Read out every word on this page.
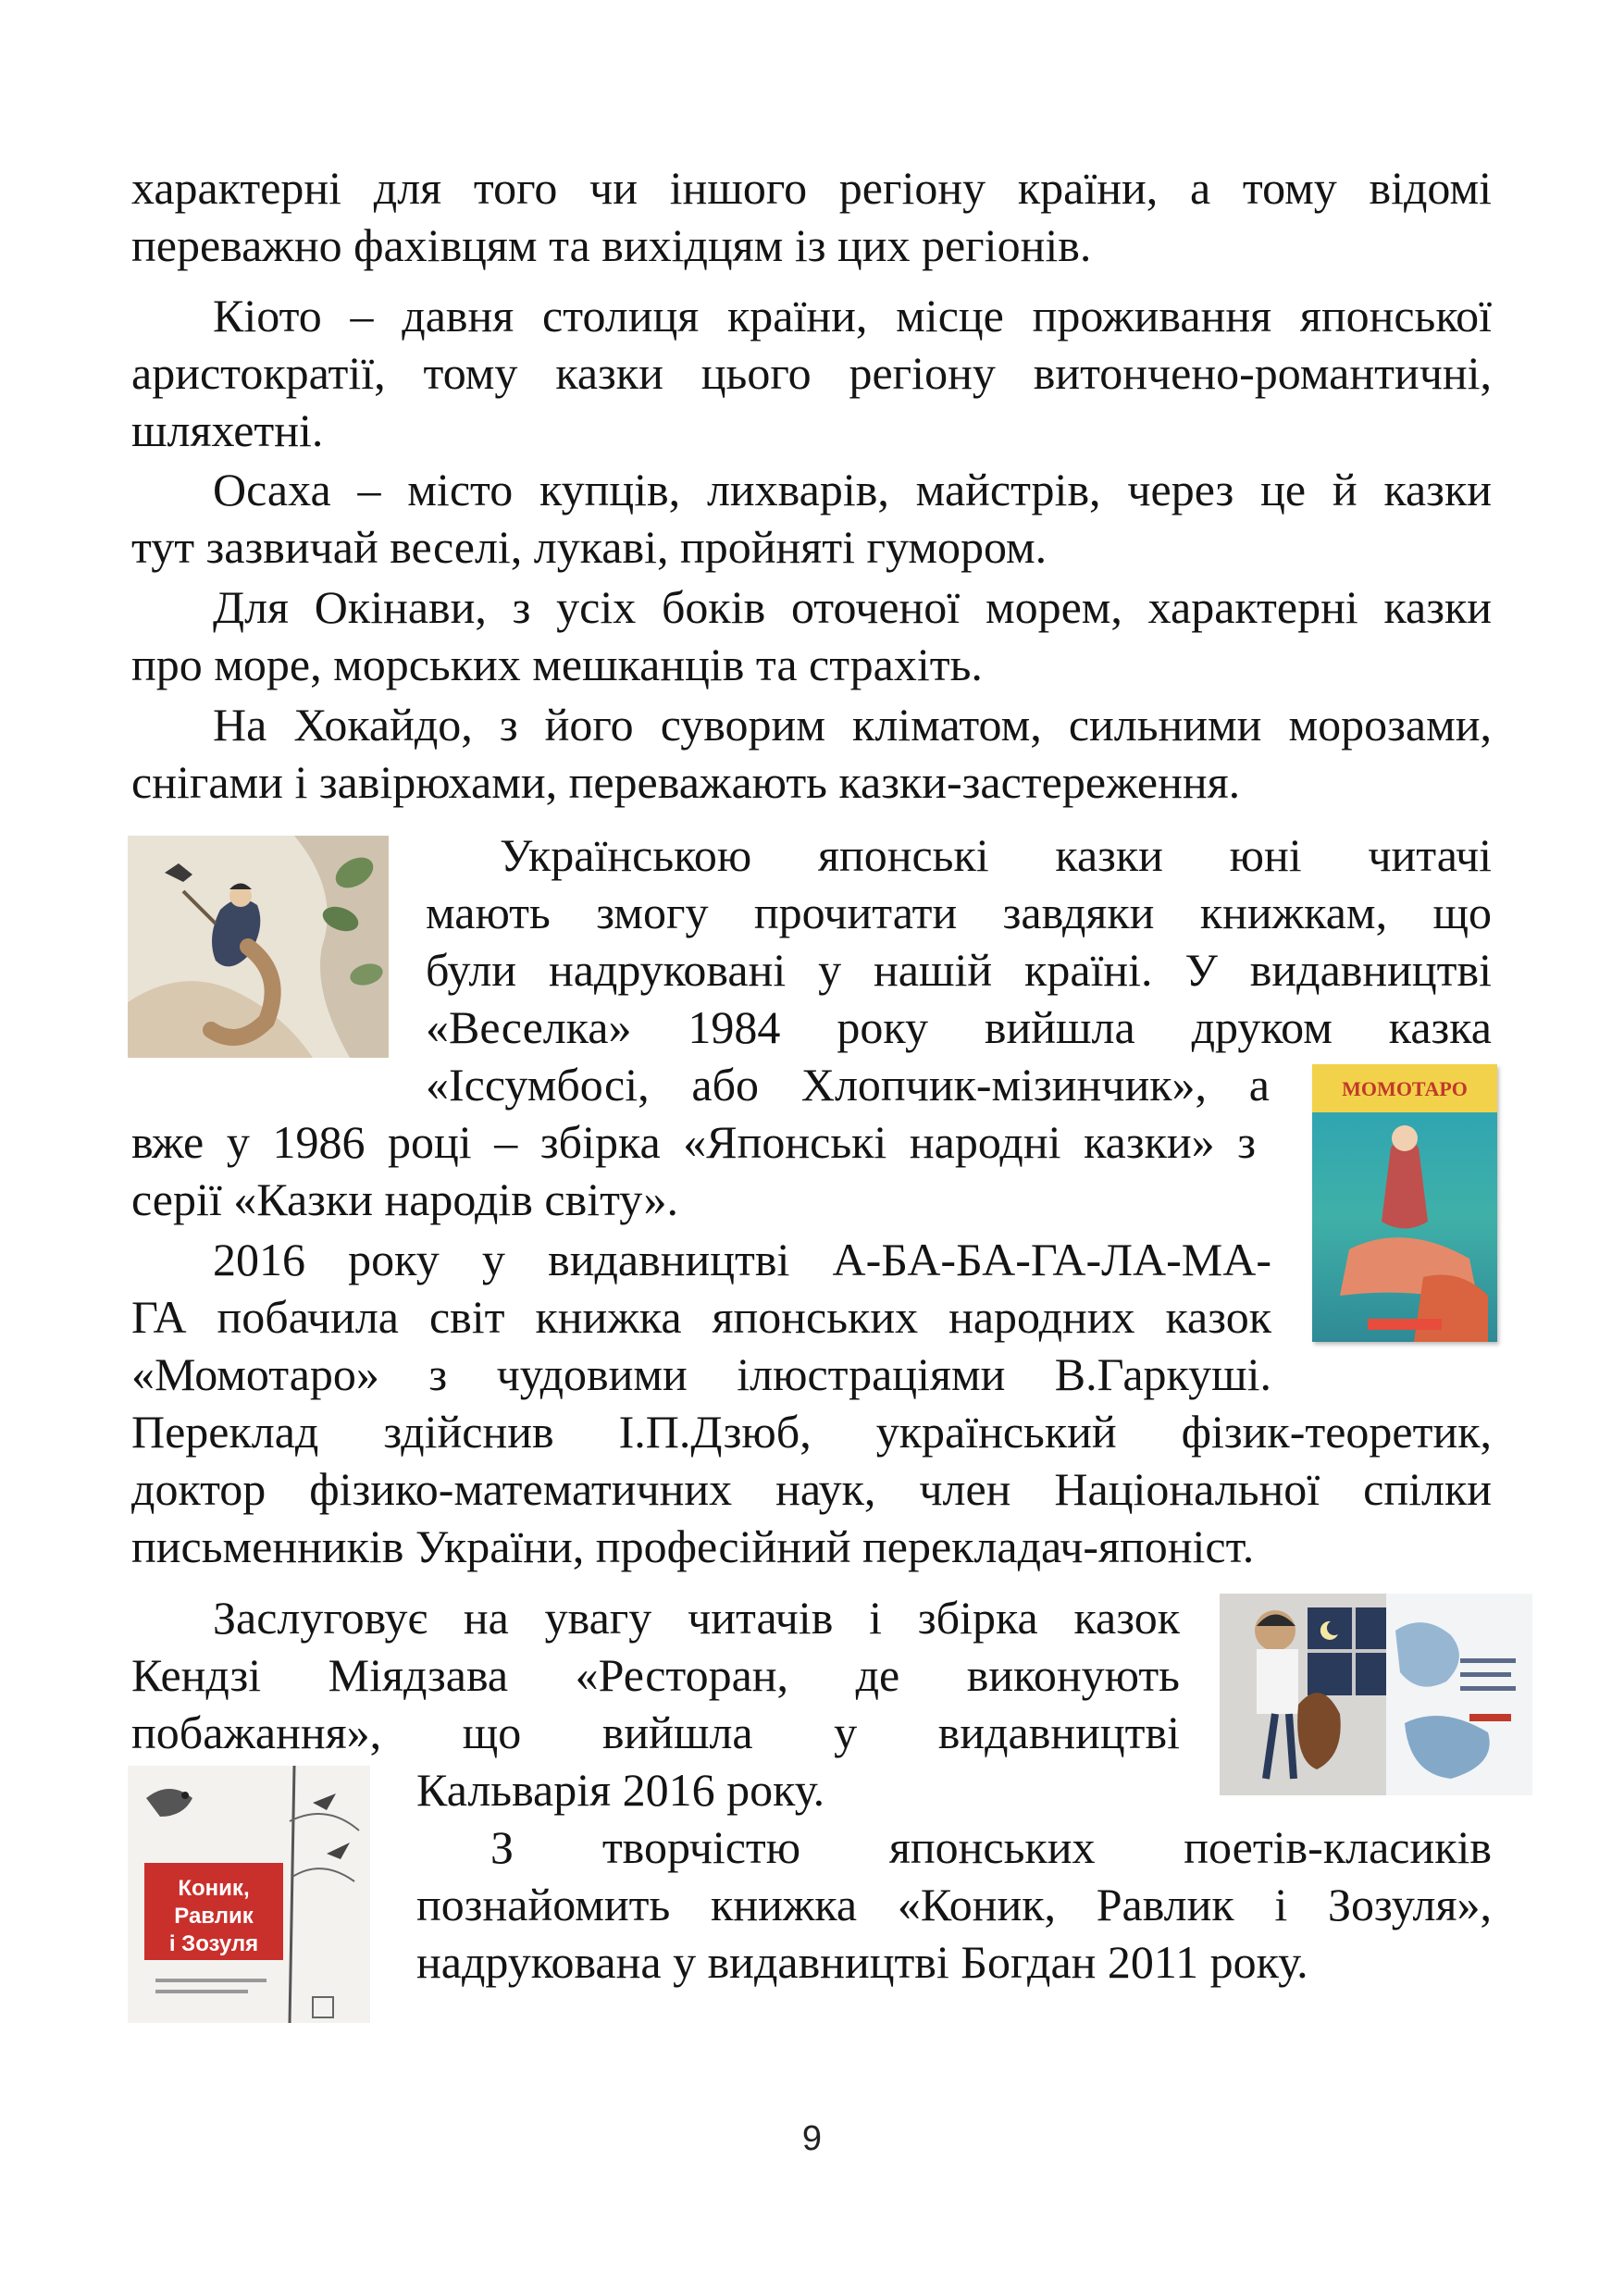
характерні для того чи іншого регіону країни, а тому відомі
переважно фахівцям та вихідцям із цих регіонів.
Кіото – давня столиця країни, місце проживання японської
аристократії, тому казки цього регіону витончено-романтичні,
шляхетні.
Осаха – місто купців, лихварів, майстрів, через це й казки
тут зазвичай веселі, лукаві, пройняті гумором.
Для Окінави, з усіх боків оточеної морем, характерні казки
про море, морських мешканців та страхіть.
На Хокайдо, з його суворим кліматом, сильними морозами,
снігами і завірюхами, переважають казки-застереження.
Українською японські казки юні читачі
мають змогу прочитати завдяки книжкам, що
були надруковані у нашій країні. У видавництві
«Веселка» 1984 року вийшла друком казка
«Іссумбосі, або Хлопчик-мізинчик», а
вже у 1986 році – збірка «Японські народні казки» з
серії «Казки народів світу».
2016 року у видавництві А-БА-БА-ГА-ЛА-МА-
ГА побачила світ книжка японських народних казок
«Момотаро» з чудовими ілюстраціями В.Гаркуші.
Переклад здійснив І.П.Дзюб, український фізик-теоретик,
доктор фізико-математичних наук, член Національної спілки
письменників України, професійний перекладач-японіст.
Заслуговує на увагу читачів і збірка казок
Кендзі Міядзава «Ресторан, де виконують
побажання», що вийшла у видавництві
Кальварія 2016 року.
З творчістю японських поетів-класиків
познайомить книжка «Коник, Равлик і Зозуля»,
надрукована у видавництві Богдан 2011 року.
МОМОТАРО
Коник,
Равлик
і Зозуля
9
